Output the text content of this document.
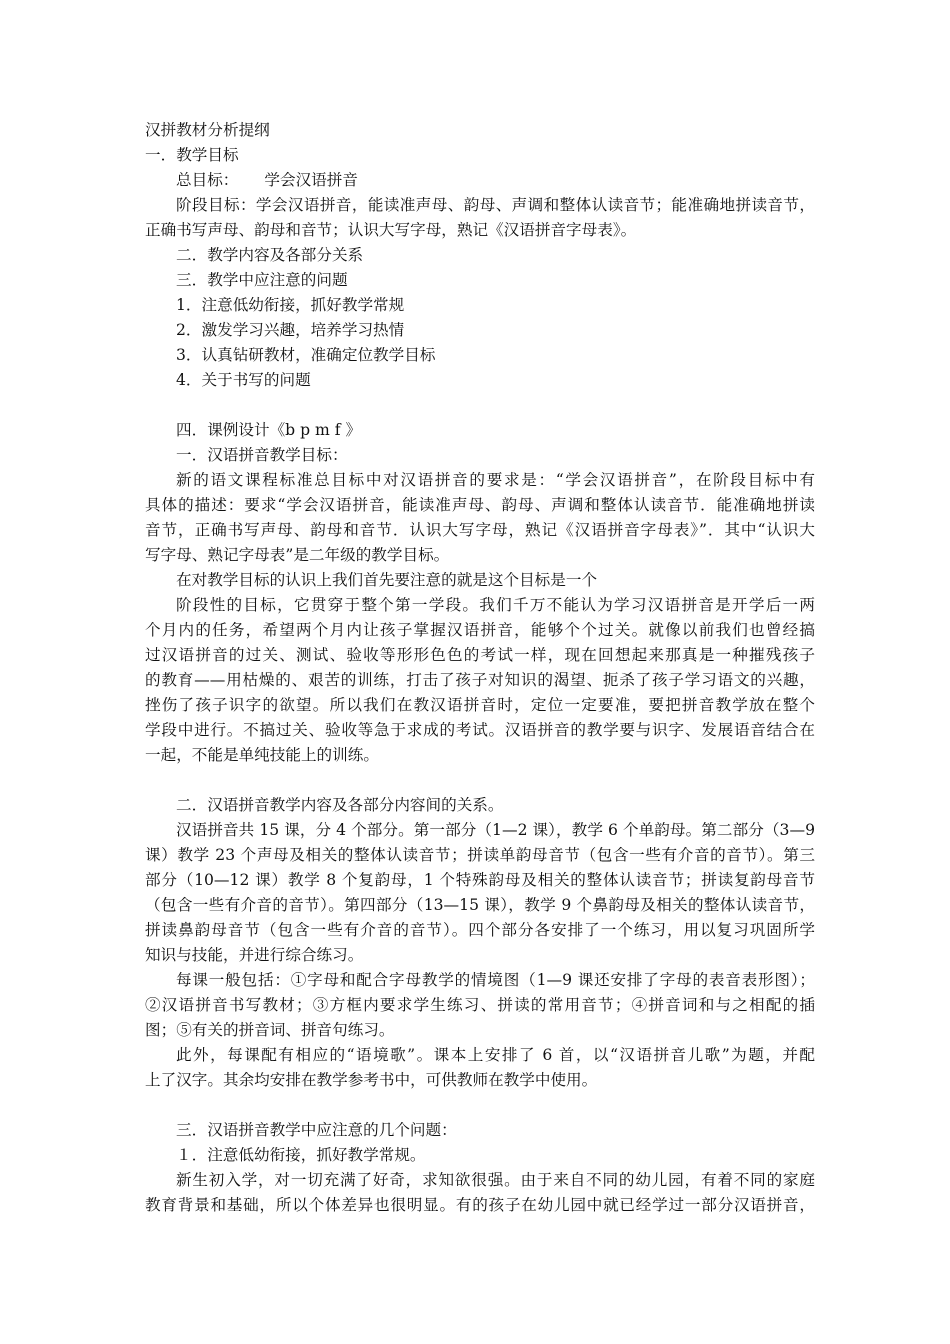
汉拼教材分析提纲
一．教学目标
总目标： 学会汉语拼音
阶段目标：学会汉语拼音，能读准声母、韵母、声调和整体认读音节；能准确地拼读音节，
正确书写声母、韵母和音节；认识大写字母，熟记《汉语拼音字母表》。
二．教学内容及各部分关系
三．教学中应注意的问题
1．注意低幼衔接，抓好教学常规
2．激发学习兴趣，培养学习热情
3．认真钻研教材，准确定位教学目标
4．关于书写的问题
四．课例设计《b p m f 》
一．汉语拼音教学目标：
新的语文课程标准总目标中对汉语拼音的要求是：“学会汉语拼音”，在阶段目标中有
具体的描述：要求“学会汉语拼音，能读准声母、韵母、声调和整体认读音节．能准确地拼读
音节，正确书写声母、韵母和音节．认识大写字母，熟记《汉语拼音字母表》”．其中“认识大
写字母、熟记字母表”是二年级的教学目标。
在对教学目标的认识上我们首先要注意的就是这个目标是一个
阶段性的目标，它贯穿于整个第一学段。我们千万不能认为学习汉语拼音是开学后一两
个月内的任务，希望两个月内让孩子掌握汉语拼音，能够个个过关。就像以前我们也曾经搞
过汉语拼音的过关、测试、验收等形形色色的考试一样，现在回想起来那真是一种摧残孩子
的教育——用枯燥的、艰苦的训练，打击了孩子对知识的渴望、扼杀了孩子学习语文的兴趣，
挫伤了孩子识字的欲望。所以我们在教汉语拼音时，定位一定要准，要把拼音教学放在整个
学段中进行。不搞过关、验收等急于求成的考试。汉语拼音的教学要与识字、发展语音结合在
一起，不能是单纯技能上的训练。
二．汉语拼音教学内容及各部分内容间的关系。
汉语拼音共 15 课，分 4 个部分。第一部分（1—2 课），教学 6 个单韵母。第二部分（3—9
课）教学 23 个声母及相关的整体认读音节；拼读单韵母音节（包含一些有介音的音节）。第三
部分（10—12 课）教学 8 个复韵母，1 个特殊韵母及相关的整体认读音节；拼读复韵母音节
（包含一些有介音的音节）。第四部分（13—15 课），教学 9 个鼻韵母及相关的整体认读音节，
拼读鼻韵母音节（包含一些有介音的音节）。四个部分各安排了一个练习，用以复习巩固所学
知识与技能，并进行综合练习。
每课一般包括：①字母和配合字母教学的情境图（1—9 课还安排了字母的表音表形图）；
②汉语拼音书写教材；③方框内要求学生练习、拼读的常用音节；④拼音词和与之相配的插
图；⑤有关的拼音词、拼音句练习。
此外，每课配有相应的“语境歌”。课本上安排了 6 首，以“汉语拼音儿歌”为题，并配
上了汉字。其余均安排在教学参考书中，可供教师在教学中使用。
三．汉语拼音教学中应注意的几个问题：
１．注意低幼衔接，抓好教学常规。
新生初入学，对一切充满了好奇，求知欲很强。由于来自不同的幼儿园，有着不同的家庭
教育背景和基础，所以个体差异也很明显。有的孩子在幼儿园中就已经学过一部分汉语拼音，
